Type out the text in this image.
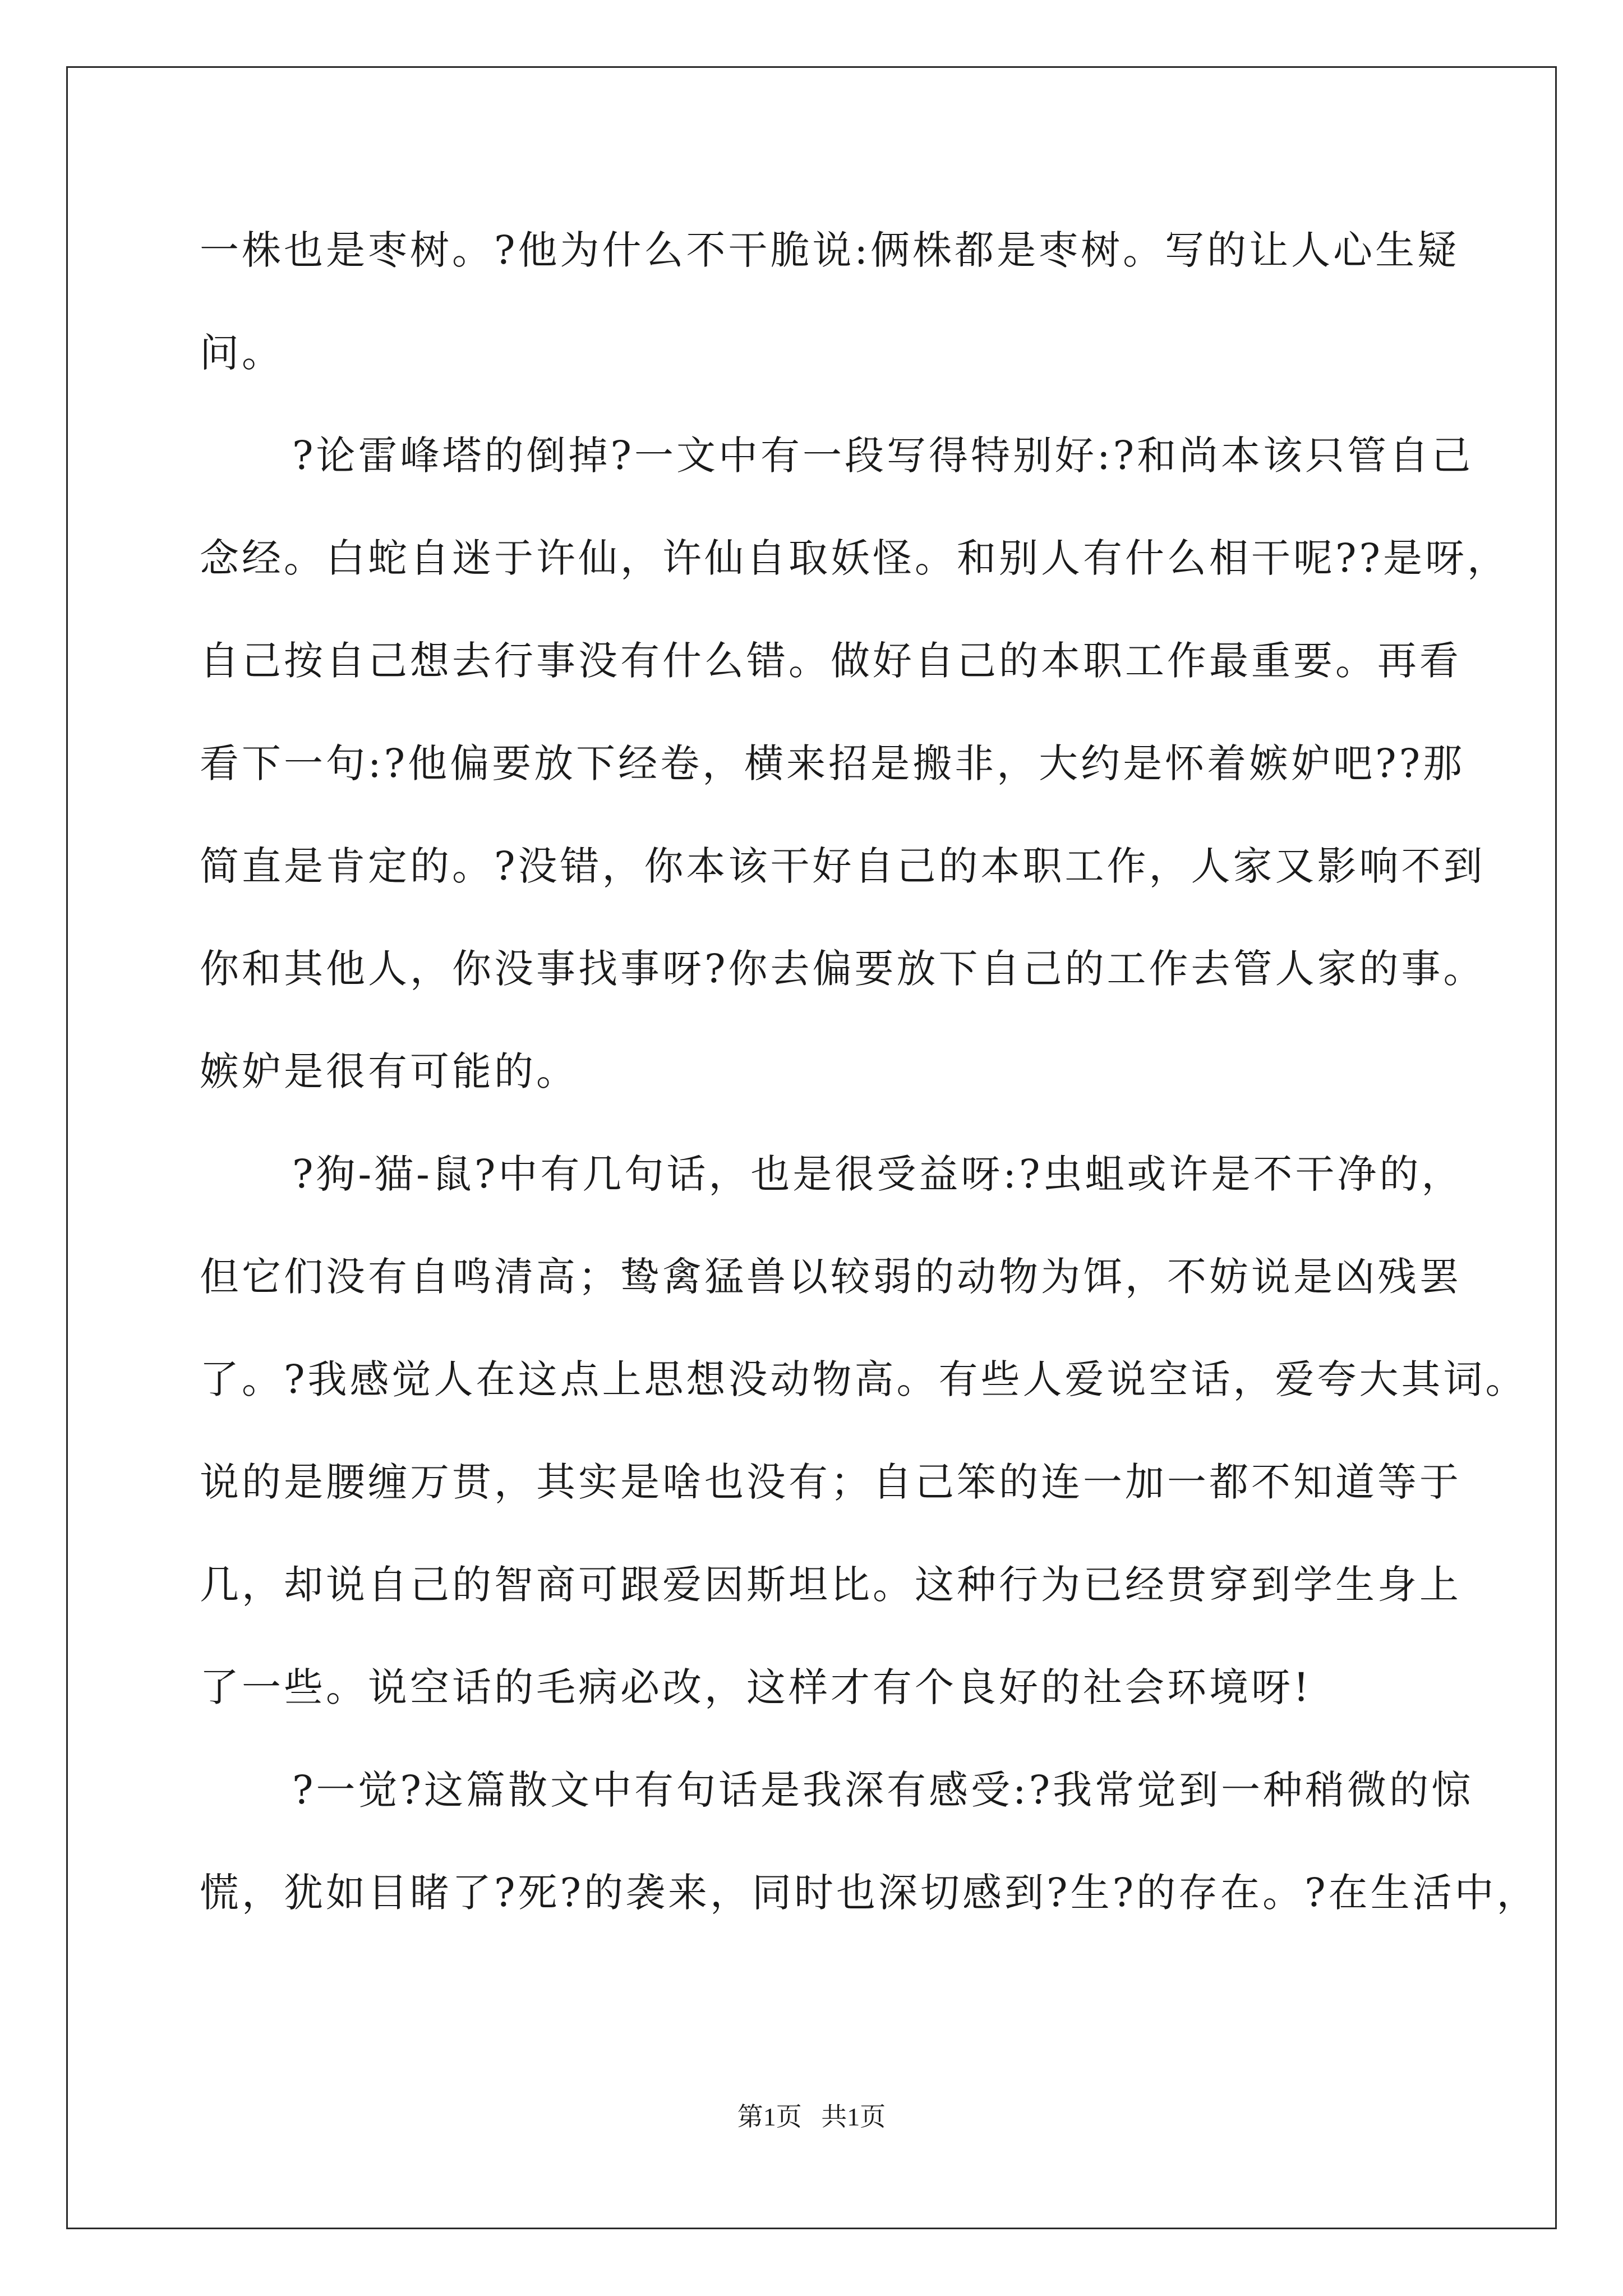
一株也是枣树。?他为什么不干脆说:俩株都是枣树。写的让人心生疑
问。
?论雷峰塔的倒掉?一文中有一段写得特别好:?和尚本该只管自己
念经。白蛇自迷于许仙，许仙自取妖怪。和别人有什么相干呢??是呀，
自己按自己想去行事没有什么错。做好自己的本职工作最重要。再看
看下一句:?他偏要放下经卷，横来招是搬非，大约是怀着嫉妒吧??那
简直是肯定的。?没错，你本该干好自己的本职工作，人家又影响不到
你和其他人，你没事找事呀?你去偏要放下自己的工作去管人家的事。
嫉妒是很有可能的。
?狗-猫-鼠?中有几句话，也是很受益呀:?虫蛆或许是不干净的，
但它们没有自鸣清高；鸷禽猛兽以较弱的动物为饵，不妨说是凶残罢
了。?我感觉人在这点上思想没动物高。有些人爱说空话，爱夸大其词。
说的是腰缠万贯，其实是啥也没有；自己笨的连一加一都不知道等于
几，却说自己的智商可跟爱因斯坦比。这种行为已经贯穿到学生身上
了一些。说空话的毛病必改，这样才有个良好的社会环境呀!
?一觉?这篇散文中有句话是我深有感受:?我常觉到一种稍微的惊
慌，犹如目睹了?死?的袭来，同时也深切感到?生?的存在。?在生活中，
第1页   共1页
